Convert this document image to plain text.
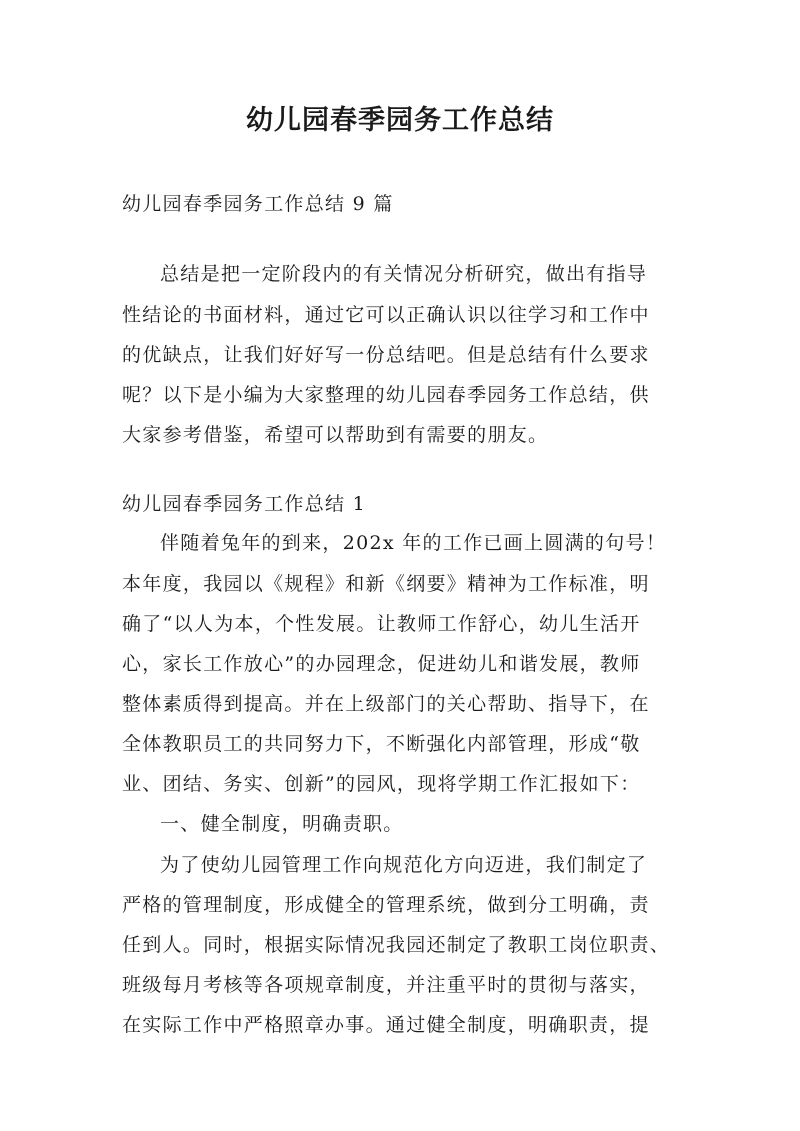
幼儿园春季园务工作总结
幼儿园春季园务工作总结 9 篇
总结是把一定阶段内的有关情况分析研究，做出有指导
性结论的书面材料，通过它可以正确认识以往学习和工作中
的优缺点，让我们好好写一份总结吧。但是总结有什么要求
呢？以下是小编为大家整理的幼儿园春季园务工作总结，供
大家参考借鉴，希望可以帮助到有需要的朋友。
幼儿园春季园务工作总结 1
伴随着兔年的到来，202x 年的工作已画上圆满的句号！
本年度，我园以《规程》和新《纲要》精神为工作标准，明
确了“以人为本，个性发展。让教师工作舒心，幼儿生活开
心，家长工作放心”的办园理念，促进幼儿和谐发展，教师
整体素质得到提高。并在上级部门的关心帮助、指导下，在
全体教职员工的共同努力下，不断强化内部管理，形成“敬
业、团结、务实、创新”的园风，现将学期工作汇报如下：
一、健全制度，明确责职。
为了使幼儿园管理工作向规范化方向迈进，我们制定了
严格的管理制度，形成健全的管理系统，做到分工明确，责
任到人。同时，根据实际情况我园还制定了教职工岗位职责、
班级每月考核等各项规章制度，并注重平时的贯彻与落实，
在实际工作中严格照章办事。通过健全制度，明确职责，提
